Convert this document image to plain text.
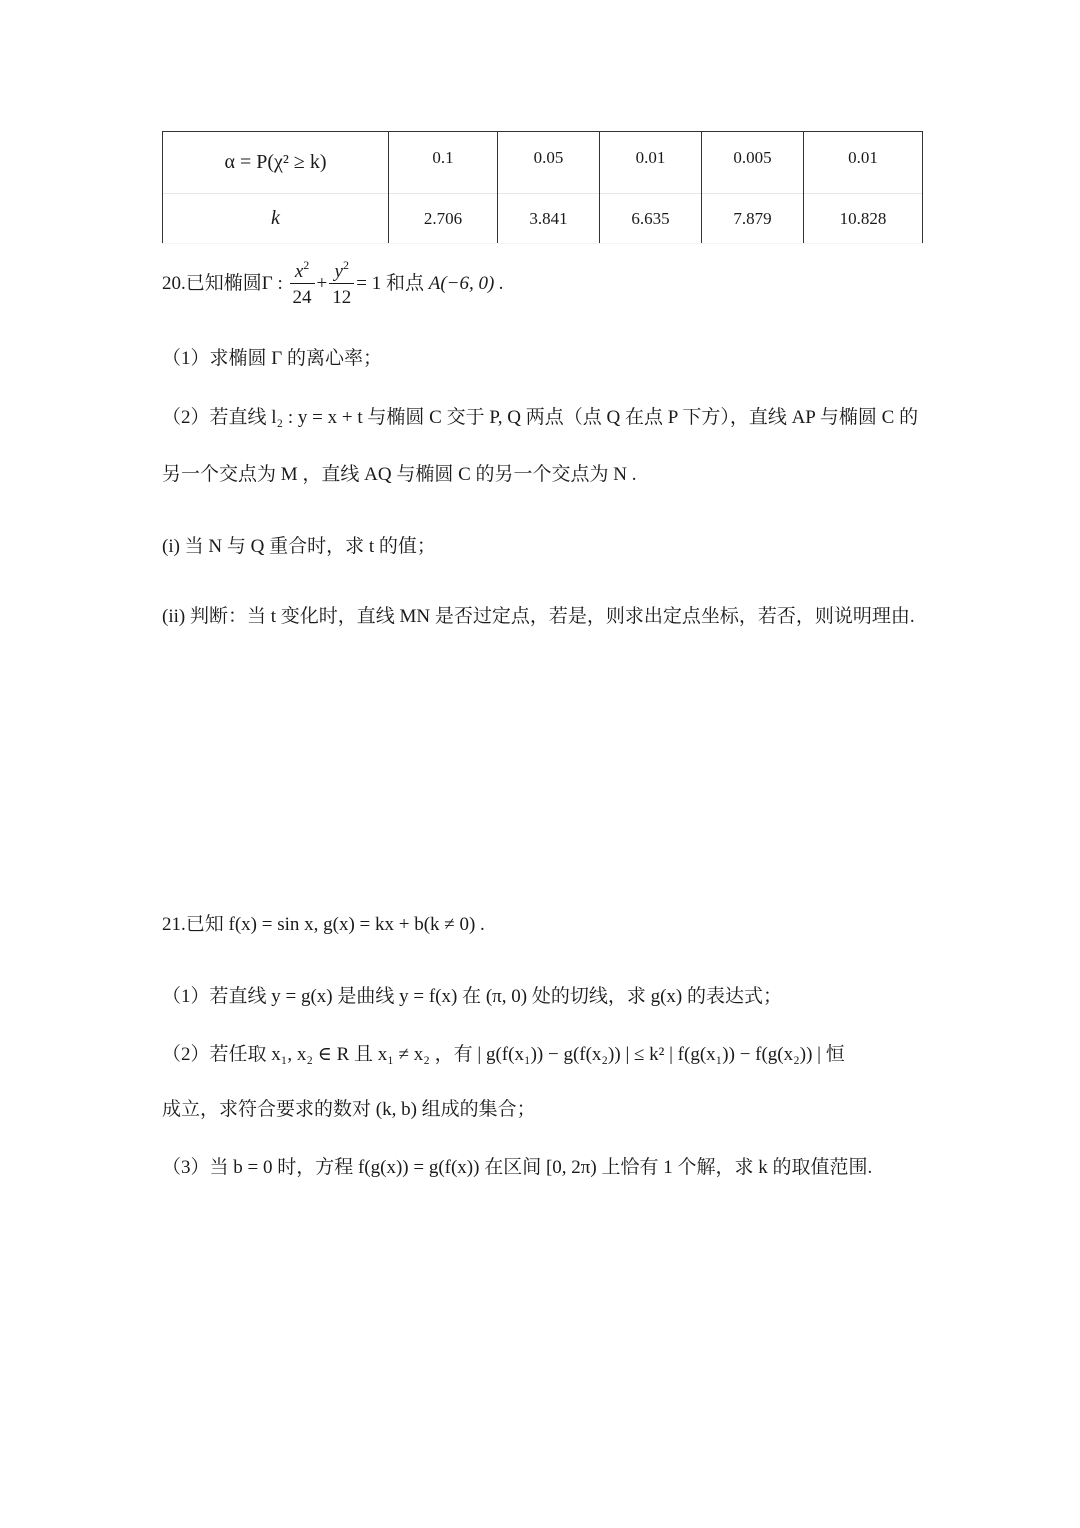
α = P(χ² ≥ k)	0.1	0.05	0.01	0.005	0.01
k	2.706	3.841	6.635	7.879	10.828
20.已知椭圆Γ : $\frac{x^2}{24} + \frac{y^2}{12} = 1$ 和点 A(−6, 0) .
（1）求椭圆 Γ 的离心率；
（2）若直线 l₂ : y = x + t 与椭圆 C 交于 P, Q 两点（点 Q 在点 P 下方），直线 AP 与椭圆 C 的
另一个交点为 M ，直线 AQ 与椭圆 C 的另一个交点为 N .
(i) 当 N 与 Q 重合时，求 t 的值；
(ii) 判断：当 t 变化时，直线 MN 是否过定点，若是，则求出定点坐标，若否，则说明理由.
21.已知 f(x) = sin x, g(x) = kx + b(k ≠ 0) .
（1）若直线 y = g(x) 是曲线 y = f(x) 在 (π, 0) 处的切线，求 g(x) 的表达式；
（2）若任取 x₁, x₂ ∈ R 且 x₁ ≠ x₂ ，有 | g(f(x₁)) − g(f(x₂)) | ≤ k² | f(g(x₁)) − f(g(x₂)) | 恒
成立，求符合要求的数对 (k, b) 组成的集合；
（3）当 b = 0 时，方程 f(g(x)) = g(f(x)) 在区间 [0, 2π) 上恰有 1 个解，求 k 的取值范围.
